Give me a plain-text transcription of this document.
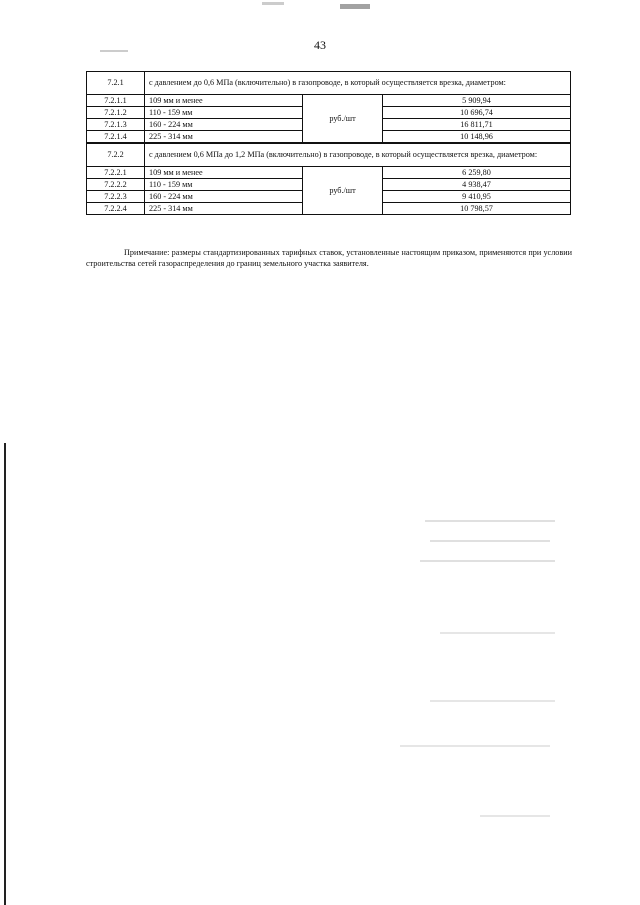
43
7.2.1	с давлением до 0,6 МПа (включительно) в газопроводе, в который осуществляется врезка, диаметром:		
7.2.1.1	109 мм и менее	руб./шт	5 909,94
7.2.1.2	110 - 159 мм		10 696,74
7.2.1.3	160 - 224 мм		16 811,71
7.2.1.4	225 - 314 мм		10 148,96
7.2.2	с давлением 0,6 МПа до 1,2 МПа (включительно) в газопроводе, в который осуществляется врезка, диаметром:		
7.2.2.1	109 мм и менее	руб./шт	6 259,80
7.2.2.2	110 - 159 мм		4 938,47
7.2.2.3	160 - 224 мм		9 410,95
7.2.2.4	225 - 314 мм		10 798,57

Примечание: размеры стандартизированных тарифных ставок, установленные настоящим приказом, применяются при условии строительства сетей газораспределения до границ земельного участка заявителя.
